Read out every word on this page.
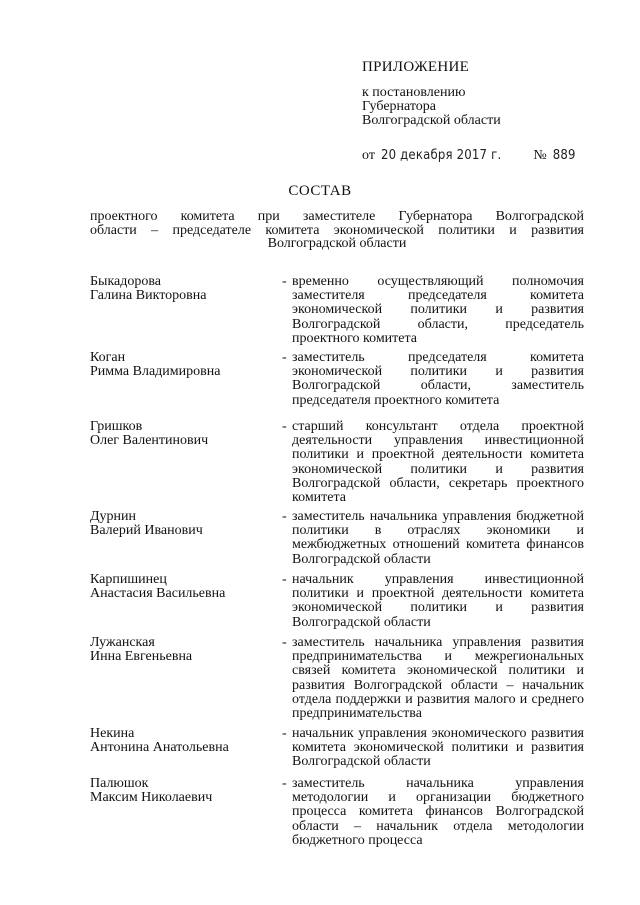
ПРИЛОЖЕНИЕ
к постановлению
Губернатора
Волгоградской области
от 20 декабря 2017 г. № 889
СОСТАВ
проектного комитета при заместителе Губернатора Волгоградской
области – председателе комитета экономической политики и развития
Волгоградской области
Быкадорова
Галина Викторовна
- временно осуществляющий полномочия заместителя председателя комитета экономической политики и развития Волгоградской области, председатель проектного комитета
Коган
Римма Владимировна
- заместитель председателя комитета экономической политики и развития Волгоградской области, заместитель председателя проектного комитета
Гришков
Олег Валентинович
- старший консультант отдела проектной деятельности управления инвестиционной политики и проектной деятельности комитета экономической политики и развития Волгоградской области, секретарь проектного комитета
Дурнин
Валерий Иванович
- заместитель начальника управления бюджетной политики в отраслях экономики и межбюджетных отношений комитета финансов Волгоградской области
Карпишинец
Анастасия Васильевна
- начальник управления инвестиционной политики и проектной деятельности комитета экономической политики и развития Волгоградской области
Лужанская
Инна Евгеньевна
- заместитель начальника управления развития предпринимательства и межрегиональных связей комитета экономической политики и развития Волгоградской области – начальник отдела поддержки и развития малого и среднего предпринимательства
Некина
Антонина Анатольевна
- начальник управления экономического развития комитета экономической политики и развития Волгоградской области
Палюшок
Максим Николаевич
- заместитель начальника управления методологии и организации бюджетного процесса комитета финансов Волгоградской области – начальник отдела методологии бюджетного процесса
